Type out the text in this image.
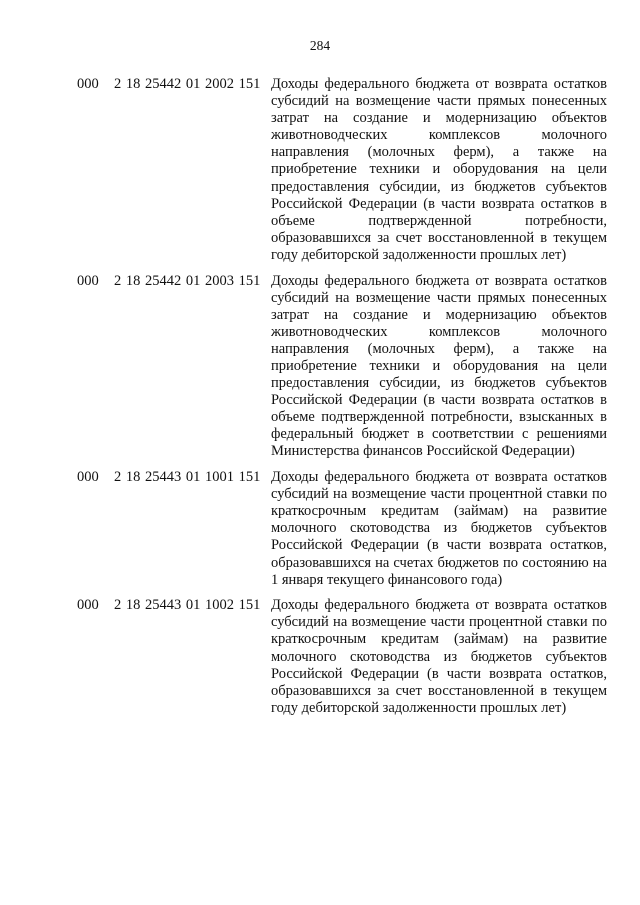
284
000 2 18 25442 01 2002 151 Доходы федерального бюджета от возврата остатков субсидий на возмещение части прямых понесенных затрат на создание и модернизацию объектов животноводческих комплексов молочного направления (молочных ферм), а также на приобретение техники и оборудования на цели предоставления субсидии, из бюджетов субъектов Российской Федерации (в части возврата остатков в объеме подтвержденной потребности, образовавшихся за счет восстановленной в текущем году дебиторской задолженности прошлых лет)
000 2 18 25442 01 2003 151 Доходы федерального бюджета от возврата остатков субсидий на возмещение части прямых понесенных затрат на создание и модернизацию объектов животноводческих комплексов молочного направления (молочных ферм), а также на приобретение техники и оборудования на цели предоставления субсидии, из бюджетов субъектов Российской Федерации (в части возврата остатков в объеме подтвержденной потребности, взысканных в федеральный бюджет в соответствии с решениями Министерства финансов Российской Федерации)
000 2 18 25443 01 1001 151 Доходы федерального бюджета от возврата остатков субсидий на возмещение части процентной ставки по краткосрочным кредитам (займам) на развитие молочного скотоводства из бюджетов субъектов Российской Федерации (в части возврата остатков, образовавшихся на счетах бюджетов по состоянию на 1 января текущего финансового года)
000 2 18 25443 01 1002 151 Доходы федерального бюджета от возврата остатков субсидий на возмещение части процентной ставки по краткосрочным кредитам (займам) на развитие молочного скотоводства из бюджетов субъектов Российской Федерации (в части возврата остатков, образовавшихся за счет восстановленной в текущем году дебиторской задолженности прошлых лет)
